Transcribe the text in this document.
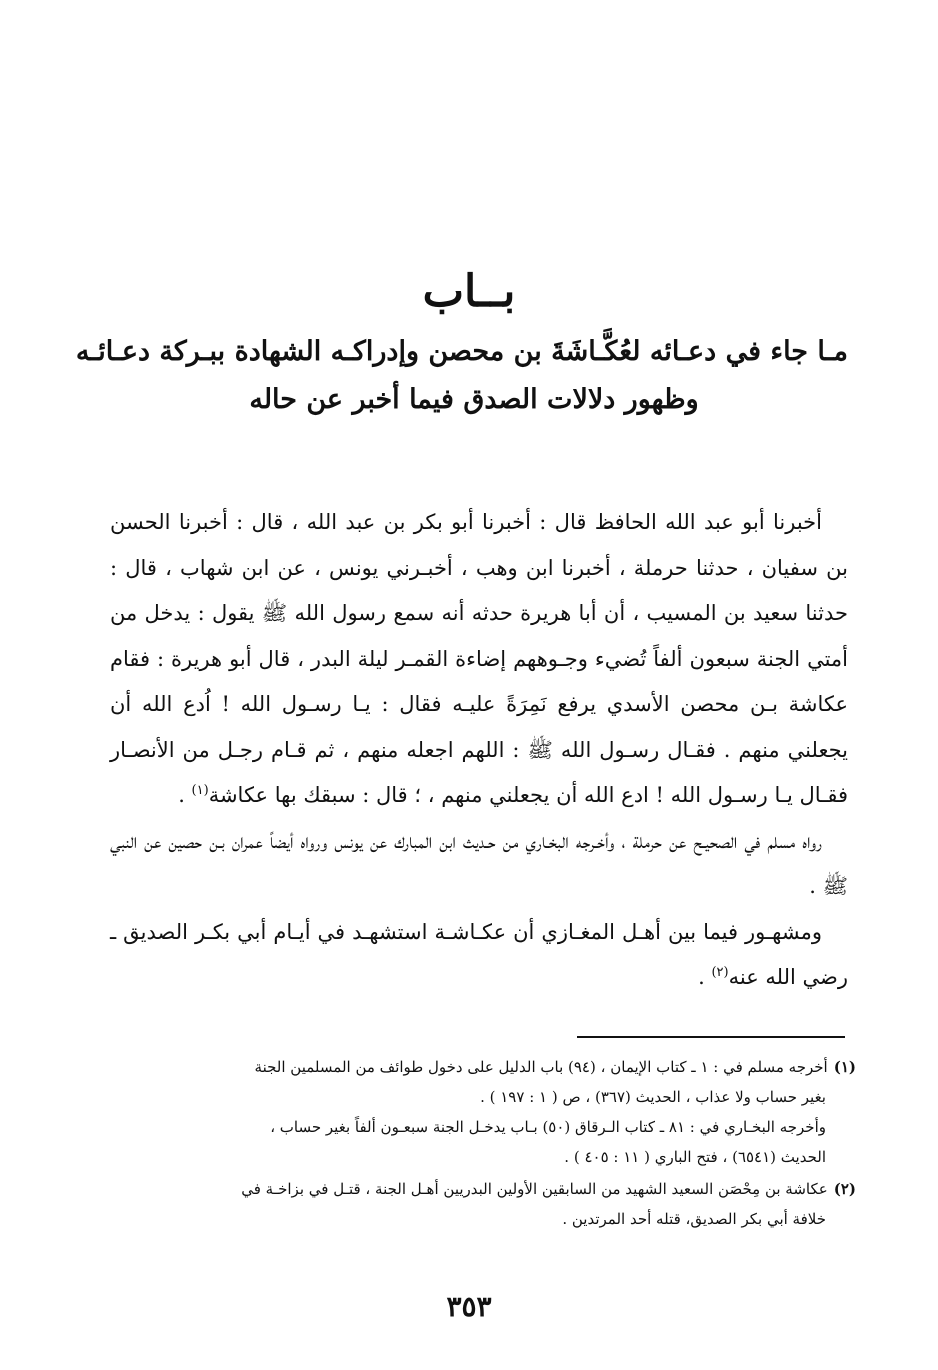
بــاب
مـا جاء في دعـائه لعُكَّـاشَةَ بن محصن وإدراكـه الشهادة ببـركة دعـائـه
وظهور دلالات الصدق فيما أخبر عن حاله

أخبرنا أبو عبد الله الحافظ قال : أخبرنا أبو بكر بن عبد الله ، قال : أخبرنا الحسن بن سفيان ، حدثنا حرملة ، أخبرنا ابن وهب ، أخبـرني يونس ، عن ابن شهاب ، قال : حدثنا سعيد بن المسيب ، أن أبا هريرة حدثه أنه سمع رسول الله ﷺ يقول : يدخل من أمتي الجنة سبعون ألفاً تُضيء وجـوههم إضاءة القمـر ليلة البدر ، قال أبو هريرة : فقام عكاشة بـن محصن الأسدي يرفع نَمِرَةً عليـه فقال : يـا رسـول الله ! اُدع الله أن يجعلني منهم . فقـال رسـول الله ﷺ : اللهم اجعله منهم ، ثم قـام رجـل من الأنصـار فقـال يـا رسـول الله ! ادع الله أن يجعلني منهم ، ؛ قال : سبقك بها عكاشة$^{(١)}$ .

رواه مسلم في الصحيـح عن حرملة ، وأخـرجه البخـاري من حـديث ابن المبارك عن يونس ورواه أيضاً عمران بـن حصين عن النبي ﷺ .

ومشهـور فيما بين أهـل المغـازي أن عكـاشـة استشهـد في أيـام أبي بكـر الصديق ـ رضي الله عنه$^{(٢)}$ .

(١)أخرجه مسلم في : ١ ـ كتاب الإيمان ، (٩٤) باب الدليل على دخول طوائف من المسلمين الجنة
بغير حساب ولا عذاب ، الحديث (٣٦٧) ، ص ( ١ : ١٩٧ ) .
وأخرجه البخـاري في : ٨١ ـ كتاب الـرقاق (٥٠) بـاب يدخـل الجنة سبعـون ألفاً بغير حساب ،
الحديث (٦٥٤١) ، فتح الباري ( ١١ : ٤٠٥ ) .
(٢)عكاشة بن مِحْصَن السعيد الشهيد من السابقين الأولين البدريين أهـل الجنة ، قتـل في بزاخـة في
خلافة أبي بكر الصديق، قتله أحد المرتدين .
٣٥٣
